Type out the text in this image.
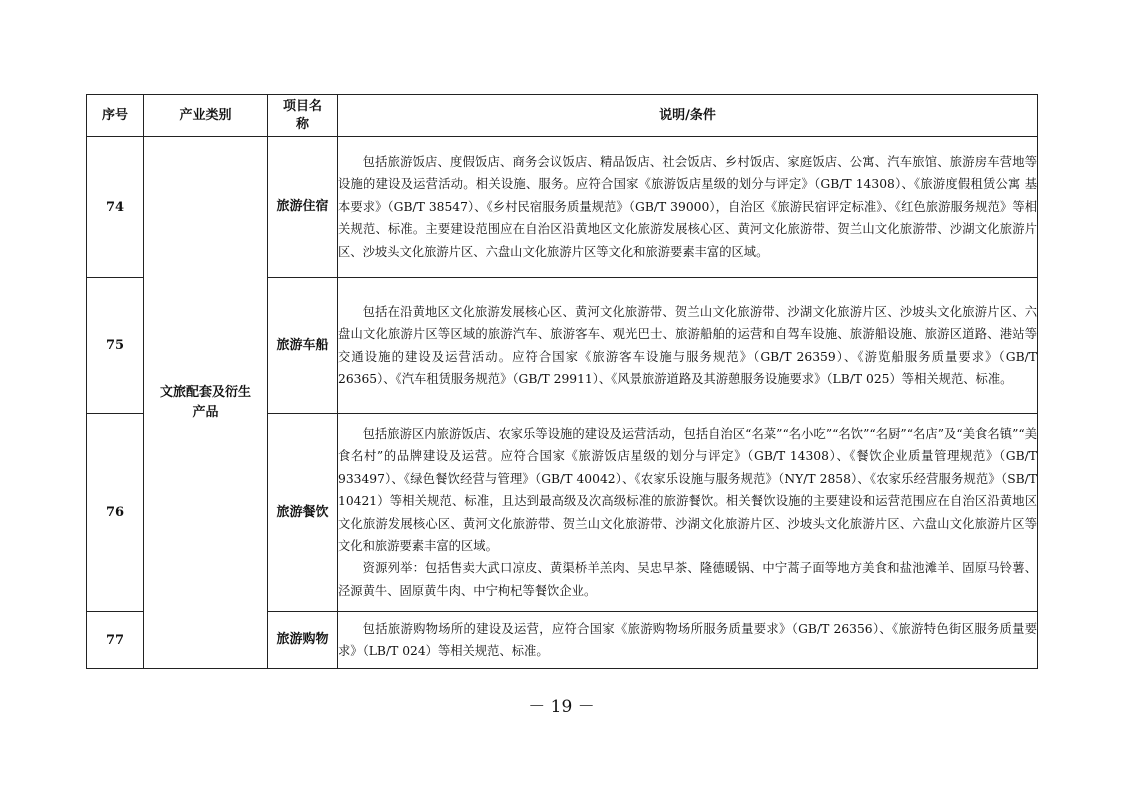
序号	产业类别	项目名称	说明/条件
74	文旅配套及衍生产品	旅游住宿	包括旅游饭店、度假饭店、商务会议饭店、精品饭店、社会饭店、乡村饭店、家庭饭店、公寓、汽车旅馆、旅游房车营地等设施的建设及运营活动。相关设施、服务。应符合国家《旅游饭店星级的划分与评定》（GB/T 14308）、《旅游度假租赁公寓 基本要求》（GB/T 38547）、《乡村民宿服务质量规范》（GB/T 39000），自治区《旅游民宿评定标准》、《红色旅游服务规范》等相关规范、标准。主要建设范围应在自治区沿黄地区文化旅游发展核心区、黄河文化旅游带、贺兰山文化旅游带、沙湖文化旅游片区、沙坡头文化旅游片区、六盘山文化旅游片区等文化和旅游要素丰富的区域。

75		旅游车船	包括在沿黄地区文化旅游发展核心区、黄河文化旅游带、贺兰山文化旅游带、沙湖文化旅游片区、沙坡头文化旅游片区、六盘山文化旅游片区等区域的旅游汽车、旅游客车、观光巴士、旅游船舶的运营和自驾车设施、旅游船设施、旅游区道路、港站等交通设施的建设及运营活动。应符合国家《旅游客车设施与服务规范》（GB/T 26359）、《游览船服务质量要求》（GB/T 26365）、《汽车租赁服务规范》（GB/T 29911）、《风景旅游道路及其游憩服务设施要求》（LB/T 025）等相关规范、标准。

76		旅游餐饮	包括旅游区内旅游饭店、农家乐等设施的建设及运营活动，包括自治区“名菜”“名小吃”“名饮”“名厨”“名店”及“美食名镇”“美食名村”的品牌建设及运营。应符合国家《旅游饭店星级的划分与评定》（GB/T 14308）、《餐饮企业质量管理规范》（GB/T 933497）、《绿色餐饮经营与管理》（GB/T 40042）、《农家乐设施与服务规范》（NY/T 2858）、《农家乐经营服务规范》（SB/T 10421）等相关规范、标准，且达到最高级及次高级标准的旅游餐饮。相关餐饮设施的主要建设和运营范围应在自治区沿黄地区文化旅游发展核心区、黄河文化旅游带、贺兰山文化旅游带、沙湖文化旅游片区、沙坡头文化旅游片区、六盘山文化旅游片区等文化和旅游要素丰富的区域。

资源列举：包括售卖大武口凉皮、黄渠桥羊羔肉、吴忠早茶、隆德暖锅、中宁蒿子面等地方美食和盐池滩羊、固原马铃薯、泾源黄牛、固原黄牛肉、中宁枸杞等餐饮企业。

77		旅游购物	包括旅游购物场所的建设及运营，应符合国家《旅游购物场所服务质量要求》（GB/T 26356）、《旅游特色街区服务质量要求》（LB/T 024）等相关规范、标准。

－ 19 －
